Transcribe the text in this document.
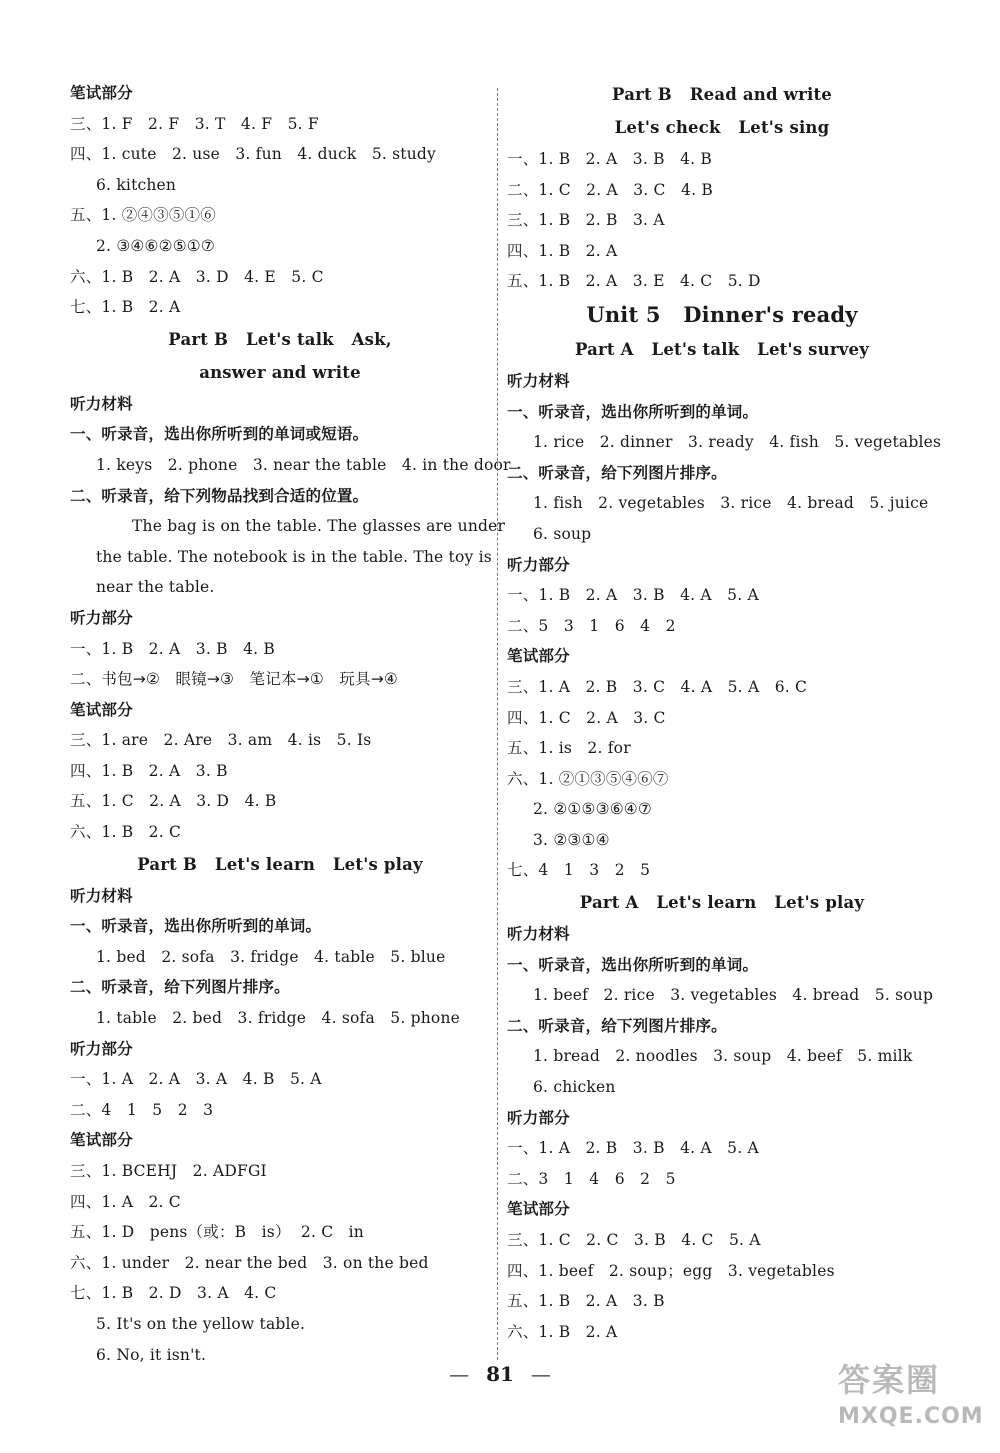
笔试部分
三、1. F   2. F   3. T   4. F   5. F
四、1. cute   2. use   3. fun   4. duck   5. study
6. kitchen
五、1. ②④③⑤①⑥
2. ③④⑥②⑤①⑦
六、1. B   2. A   3. D   4. E   5. C
七、1. B   2. A
Part B   Let's talk   Ask,
answer and write
听力材料
一、听录音，选出你所听到的单词或短语。
1. keys   2. phone   3. near the table   4. in the door
二、听录音，给下列物品找到合适的位置。
The bag is on the table. The glasses are under
the table. The notebook is in the table. The toy is
near the table.
听力部分
一、1. B   2. A   3. B   4. B
二、书包→②   眼镜→③   笔记本→①   玩具→④
笔试部分
三、1. are   2. Are   3. am   4. is   5. Is
四、1. B   2. A   3. B
五、1. C   2. A   3. D   4. B
六、1. B   2. C
Part B   Let's learn   Let's play
听力材料
一、听录音，选出你所听到的单词。
1. bed   2. sofa   3. fridge   4. table   5. blue
二、听录音，给下列图片排序。
1. table   2. bed   3. fridge   4. sofa   5. phone
听力部分
一、1. A   2. A   3. A   4. B   5. A
二、4   1   5   2   3
笔试部分
三、1. BCEHJ   2. ADFGI
四、1. A   2. C
五、1. D   pens（或：B   is）  2. C   in
六、1. under   2. near the bed   3. on the bed
七、1. B   2. D   3. A   4. C
5. It's on the yellow table.
6. No, it isn't.
Part B   Read and write
Let's check   Let's sing
一、1. B   2. A   3. B   4. B
二、1. C   2. A   3. C   4. B
三、1. B   2. B   3. A
四、1. B   2. A
五、1. B   2. A   3. E   4. C   5. D
Unit 5   Dinner's ready
Part A   Let's talk   Let's survey
听力材料
一、听录音，选出你所听到的单词。
1. rice   2. dinner   3. ready   4. fish   5. vegetables
二、听录音，给下列图片排序。
1. fish   2. vegetables   3. rice   4. bread   5. juice
6. soup
听力部分
一、1. B   2. A   3. B   4. A   5. A
二、5   3   1   6   4   2
笔试部分
三、1. A   2. B   3. C   4. A   5. A   6. C
四、1. C   2. A   3. C
五、1. is   2. for
六、1. ②①③⑤④⑥⑦
2. ②①⑤③⑥④⑦
3. ②③①④
七、4   1   3   2   5
Part A   Let's learn   Let's play
听力材料
一、听录音，选出你所听到的单词。
1. beef   2. rice   3. vegetables   4. bread   5. soup
二、听录音，给下列图片排序。
1. bread   2. noodles   3. soup   4. beef   5. milk
6. chicken
听力部分
一、1. A   2. B   3. B   4. A   5. A
二、3   1   4   6   2   5
笔试部分
三、1. C   2. C   3. B   4. C   5. A
四、1. beef   2. soup；egg   3. vegetables
五、1. B   2. A   3. B
六、1. B   2. A
— 81 —	答案圈
MXQE.COM
